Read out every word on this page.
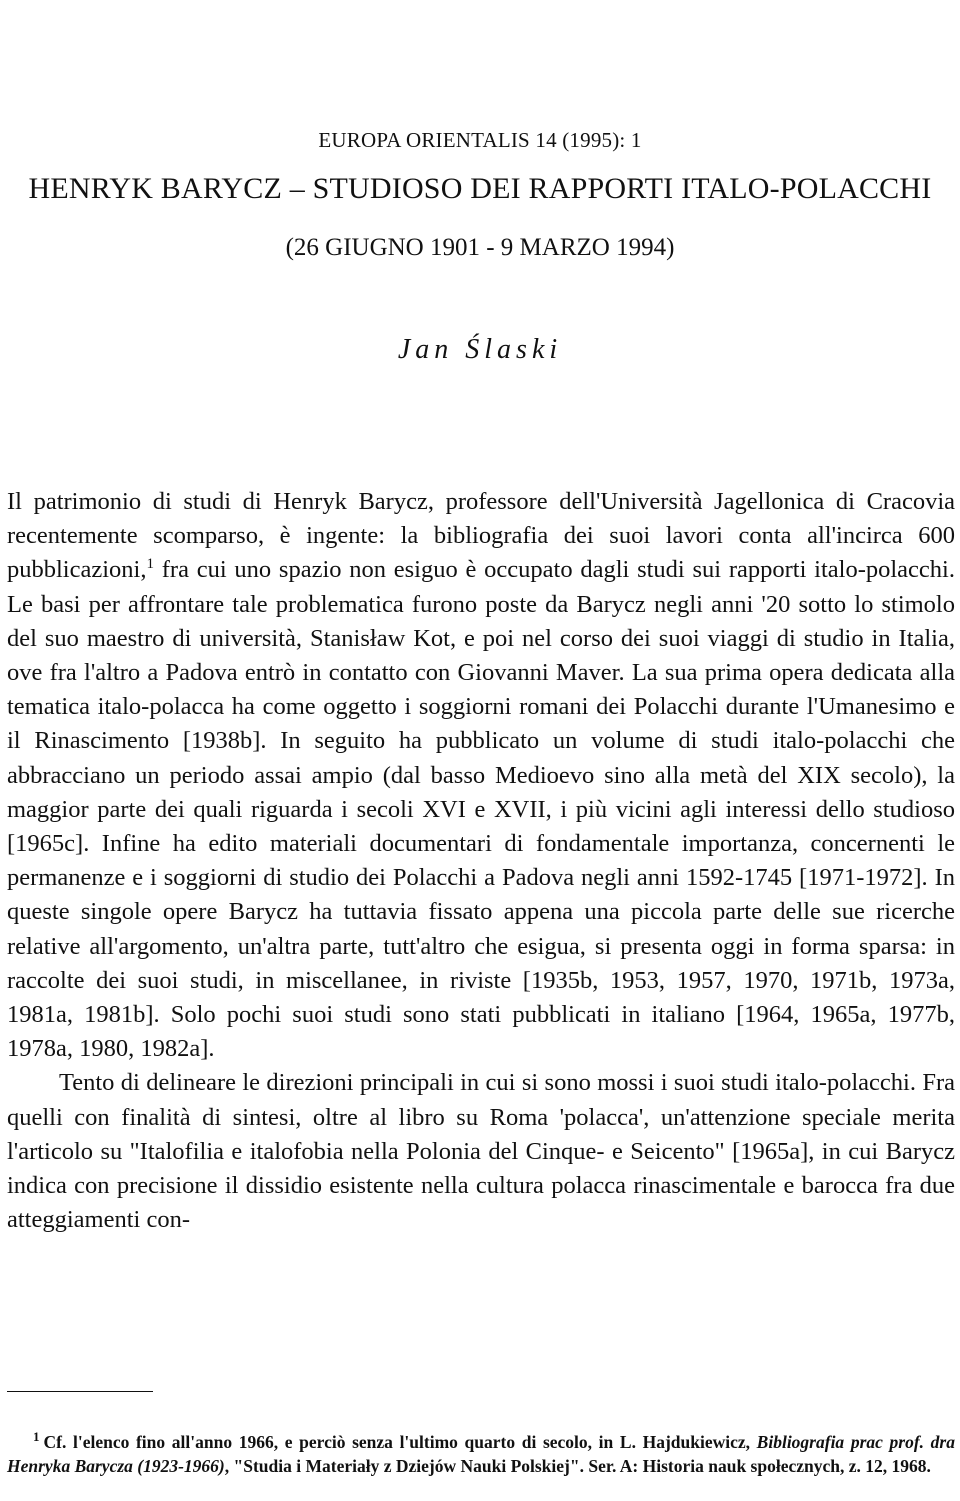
EUROPA ORIENTALIS 14 (1995): 1
HENRYK BARYCZ – STUDIOSO DEI RAPPORTI ITALO-POLACCHI
(26 GIUGNO 1901 - 9 MARZO 1994)
Jan Ślaski

Il patrimonio di studi di Henryk Barycz, professore dell'Università Jagellonica di Cracovia recentemente scomparso, è ingente: la bibliografia dei suoi lavori conta all'incirca 600 pubblicazioni,$^1$ fra cui uno spazio non esiguo è occupato dagli studi sui rapporti italo-polacchi. Le basi per affrontare tale problematica furono poste da Barycz negli anni '20 sotto lo stimolo del suo maestro di università, Stanisław Kot, e poi nel corso dei suoi viaggi di studio in Italia, ove fra l'altro a Padova entrò in contatto con Giovanni Maver. La sua prima opera dedicata alla tematica italo-polacca ha come oggetto i soggiorni romani dei Polacchi durante l'Umanesimo e il Rinascimento [1938b]. In seguito ha pubblicato un volume di studi italo-polacchi che abbracciano un periodo assai ampio (dal basso Medioevo sino alla metà del XIX secolo), la maggior parte dei quali riguarda i secoli XVI e XVII, i più vicini agli interessi dello studioso [1965c]. Infine ha edito materiali documentari di fondamentale importanza, concernenti le permanenze e i soggiorni di studio dei Polacchi a Padova negli anni 1592-1745 [1971-1972]. In queste singole opere Barycz ha tuttavia fissato appena una piccola parte delle sue ricerche relative all'argomento, un'altra parte, tutt'altro che esigua, si presenta oggi in forma sparsa: in raccolte dei suoi studi, in miscellanee, in riviste [1935b, 1953, 1957, 1970, 1971b, 1973a, 1981a, 1981b]. Solo pochi suoi studi sono stati pubblicati in italiano [1964, 1965a, 1977b, 1978a, 1980, 1982a].

Tento di delineare le direzioni principali in cui si sono mossi i suoi studi italo-polacchi. Fra quelli con finalità di sintesi, oltre al libro su Roma 'polacca', un'attenzione speciale merita l'articolo su "Italofilia e italofobia nella Polonia del Cinque- e Seicento" [1965a], in cui Barycz indica con precisione il dissidio esistente nella cultura polacca rinascimentale e barocca fra due atteggiamenti con-

$^1$ Cf. l'elenco fino all'anno 1966, e perciò senza l'ultimo quarto di secolo, in L. Hajdukiewicz, Bibliografia prac prof. dra Henryka Barycza (1923-1966), "Studia i Materiały z Dziejów Nauki Polskiej". Ser. A: Historia nauk społecznych, z. 12, 1968.
